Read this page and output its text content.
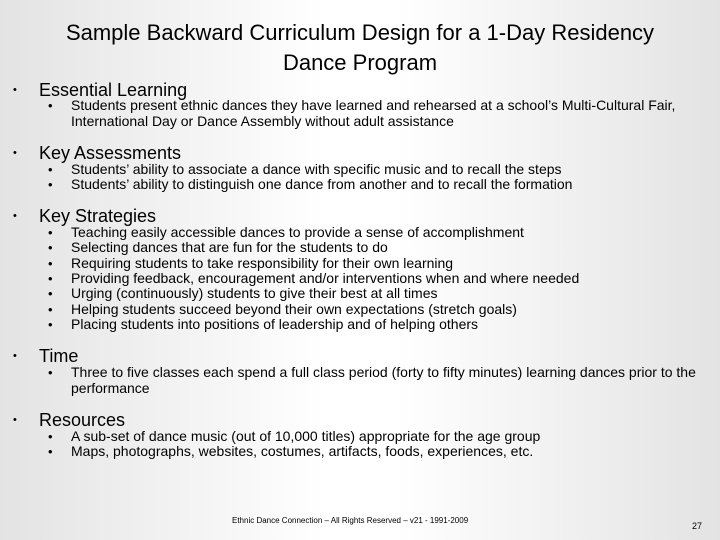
Sample Backward Curriculum Design for a 1-Day Residency Dance Program
• Essential Learning
• Students present ethnic dances they have learned and rehearsed at a school’s Multi-Cultural Fair, International Day or Dance Assembly without adult assistance
• Key Assessments
• Students’ ability to associate a dance with specific music and to recall the steps
• Students’ ability to distinguish one dance from another and to recall the formation
• Key Strategies
• Teaching easily accessible dances to provide a sense of accomplishment
• Selecting dances that are fun for the students to do
• Requiring students to take responsibility for their own learning
• Providing feedback, encouragement and/or interventions when and where needed
• Urging (continuously) students to give their best at all times
• Helping students succeed beyond their own expectations (stretch goals)
• Placing students into positions of leadership and of helping others
• Time
• Three to five classes each spend a full class period (forty to fifty minutes) learning dances prior to the performance
• Resources
• A sub-set of dance music (out of 10,000 titles) appropriate for the age group
• Maps, photographs, websites, costumes, artifacts, foods, experiences, etc.
Ethnic Dance Connection – All Rights Reserved – v21 - 1991-2009
27
